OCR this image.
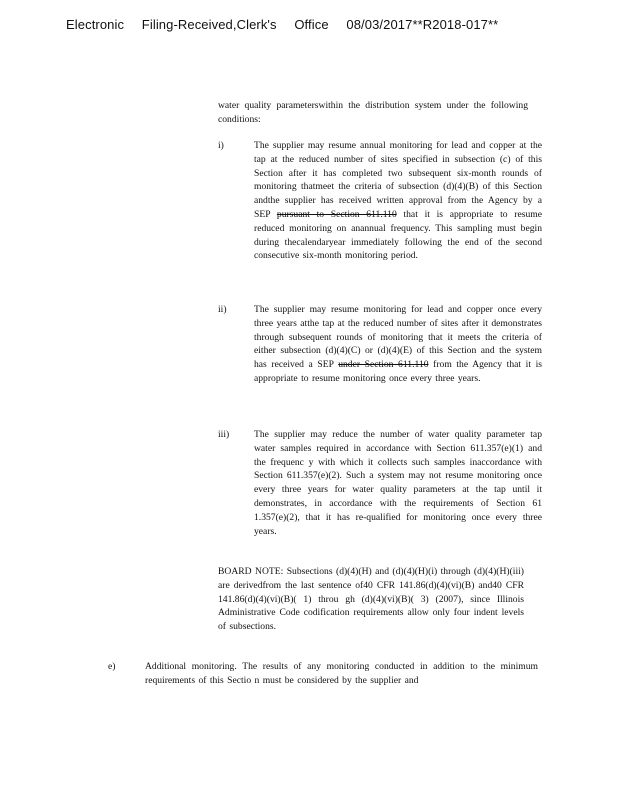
Electronic Filing-Received,Clerk's Office 08/03/2017**R2018-017**
water quality parameterswithin the distribution system under the following conditions:
i)	The supplier may resume annual monitoring for lead and copper at the tap at the reduced number of sites specified in subsection (c) of this Section after it has completed two subsequent six-month rounds of monitoring thatmeet the criteria of subsection (d)(4)(B) of this Section andthe supplier has received written approval from the Agency by a SEP pursuant to Section 611.110 that it is appropriate to resume reduced monitoring on anannual frequency. This sampling must begin during thecalendaryear immediately following the end of the second consecutive six-month monitoring period.
ii)	The supplier may resume monitoring for lead and copper once every three years atthe tap at the reduced number of sites after it demonstrates through subsequent rounds of monitoring that it meets the criteria of either subsection (d)(4)(C) or (d)(4)(E) of this Section and the system has received a SEP under Section 611.110 from the Agency that it is appropriate to resume monitoring once every three years.
iii)	The supplier may reduce the number of water quality parameter tap water samples required in accordance with Section 611.357(e)(1) and the frequenc y with which it collects such samples inaccordance with Section 611.357(e)(2). Such a system may not resume monitoring once every three years for water quality parameters at the tap until it demonstrates, in accordance with the requirements of Section 61 1.357(e)(2), that it has re-qualified for monitoring once every three years.
BOARD NOTE: Subsections (d)(4)(H) and (d)(4)(H)(i) through (d)(4)(H)(iii) are derivedfrom the last sentence of40 CFR 141.86(d)(4)(vi)(B) and40 CFR 141.86(d)(4)(vi)(B)( 1) throu gh (d)(4)(vi)(B)( 3) (2007), since Illinois Administrative Code codification requirements allow only four indent levels of subsections.
e)	Additional monitoring. The results of any monitoring conducted in addition to the minimum requirements of this Sectio n must be considered by the supplier and
